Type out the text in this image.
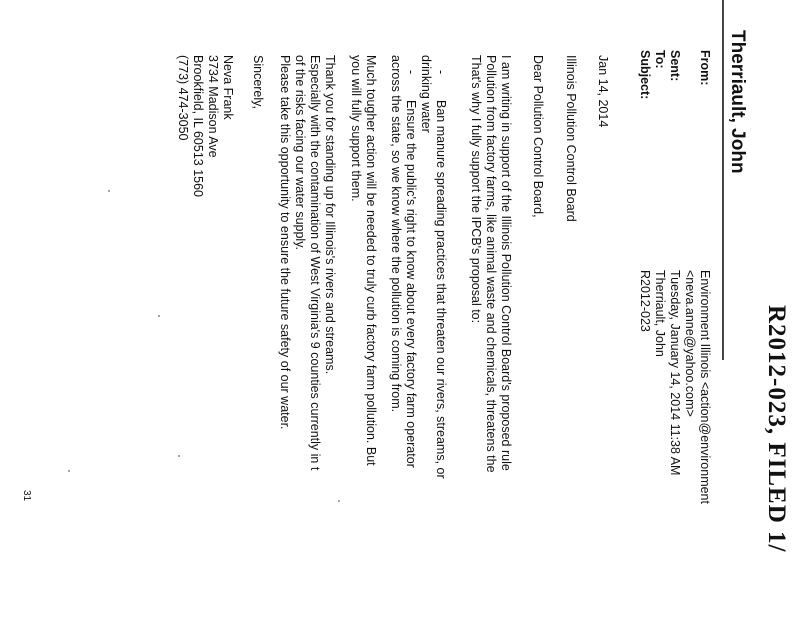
R2012-023, FILED 1/
Therriault, John
From:
Environment Illinois <action@environment
<neva.anne@yahoo.com>
Sent:
Tuesday, January 14, 2014 11:38 AM
To:
Therriault, John
Subject:
R2012-023
Jan 14, 2014
Illinois Pollution Control Board
Dear Pollution Control Board,
I am writing in support of the Illinois Pollution Control Board's proposed rule
Pollution from factory farms, like animal waste and chemicals, threatens the
That's why I fully support the IPCB's proposal to:
-
Ban manure spreading practices that threaten our rivers, streams, or
drinking water
-
Ensure the public's right to know about every factory farm operator
across the state, so we know where the pollution is coming from.
Much tougher action will be needed to truly curb factory farm pollution. But
you will fully support them.
Thank you for standing up for Illinois's rivers and streams.
Especially with the contamination of West Virginia's 9 counties currently in t
of the risks facing our water supply.
Please take this opportunity to ensure the future safety of our water.
Sincerely,
Neva Frank
3734 Madison Ave
Brookfield, IL 60513 1560
(773) 474-3050
31
